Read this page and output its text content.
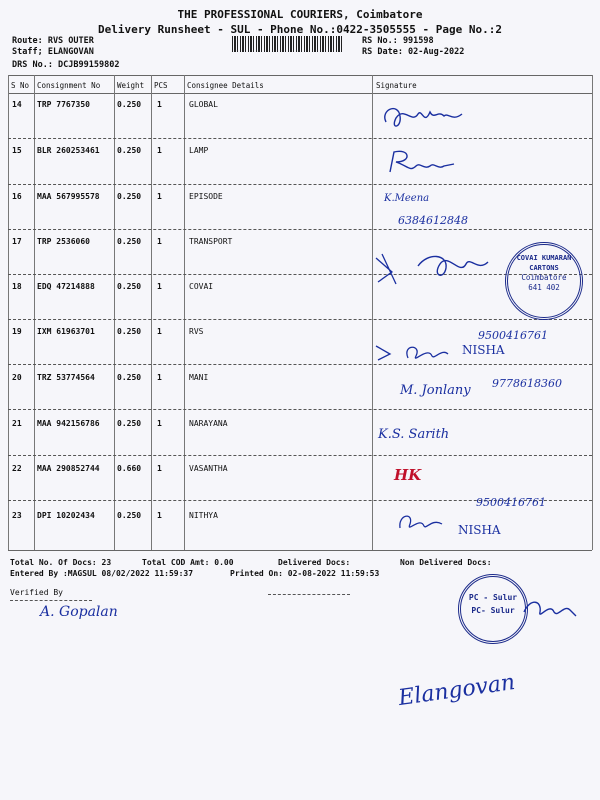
THE PROFESSIONAL COURIERS, Coimbatore
Delivery Runsheet - SUL - Phone No.:0422-3505555 - Page No.:2
Route: RVS OUTER
Staff; ELANGOVAN
DRS No.: DCJB99159802
RS No.: 991598
RS Date: 02-Aug-2022
S No Consignment No Weight PCS	Consignee Details	Signature
14 TRP 7767350	0.250 1	GLOBAL
15 BLR 260253461 0.250 1	LAMP
16 MAA 567995578 0.250 1	EPISODE
17 TRP 2536060	0.250 1	TRANSPORT
18 EDQ 47214888	0.250 1	COVAI
19 IXM 61963701	0.250 1	RVS
20 TRZ 53774564	0.250 1	MANI
21 MAA 942156786 0.250 1	NARAYANA
22 MAA 290852744 0.660 1	VASANTHA
23 DPI 10202434	0.250 1	NITHYA
K.Meena
6384612848
9500416761
NISHA
M. Jonlany 9778618360
K.S. Sarith
HK
9500416761
NISHA
COVAI KUMARAN CARTONS
Coimbatore
641 402
PC - Sulur
PC- Sulur
Total No. Of Docs: 23	Total COD Amt: 0.00	Delivered Docs:	Non Delivered Docs:
Entered By :MAGSUL 08/02/2022 11:59:37	Printed On: 02-08-2022 11:59:53
Verified By
A. Gopalan
Elangovan
